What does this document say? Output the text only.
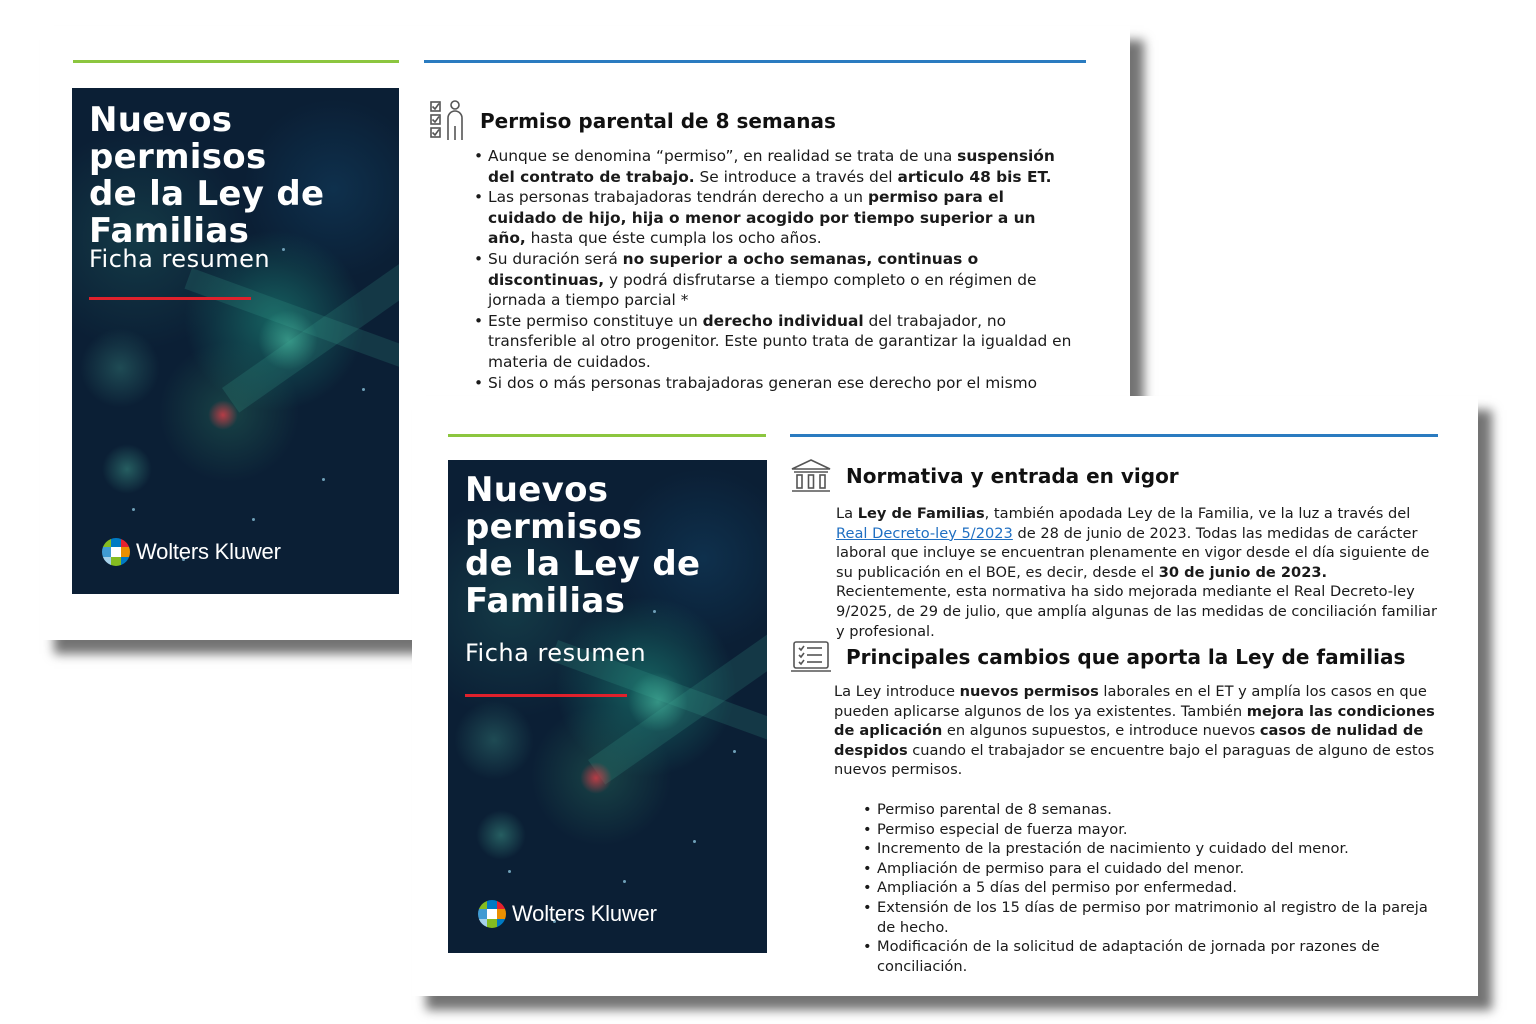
Nuevos permisos
de la Ley de
Familias
Ficha resumen
Wolters Kluwer
Permiso parental de 8 semanas
• Aunque se denomina “permiso”, en realidad se trata de una suspensión del contrato de trabajo. Se introduce a través del articulo 48 bis ET.
• Las personas trabajadoras tendrán derecho a un permiso para el cuidado de hijo, hija o menor acogido por tiempo superior a un año, hasta que éste cumpla los ocho años.
• Su duración será no superior a ocho semanas, continuas o discontinuas, y podrá disfrutarse a tiempo completo o en régimen de jornada a tiempo parcial *
• Este permiso constituye un derecho individual del trabajador, no transferible al otro progenitor. Este punto trata de garantizar la igualdad en materia de cuidados.
• Si dos o más personas trabajadoras generan ese derecho por el mismo
Nuevos permisos
de la Ley de
Familias
Ficha resumen
Wolters Kluwer
Normativa y entrada en vigor

La Ley de Familias, también apodada Ley de la Familia, ve la luz a través del Real Decreto-ley 5/2023 de 28 de junio de 2023. Todas las medidas de carácter laboral que incluye se encuentran plenamente en vigor desde el día siguiente de su publicación en el BOE, es decir, desde el 30 de junio de 2023. Recientemente, esta normativa ha sido mejorada mediante el Real Decreto-ley 9/2025, de 29 de julio, que amplía algunas de las medidas de conciliación familiar y profesional.

Principales cambios que aporta la Ley de familias

La Ley introduce nuevos permisos laborales en el ET y amplía los casos en que pueden aplicarse algunos de los ya existentes. También mejora las condiciones de aplicación en algunos supuestos, e introduce nuevos casos de nulidad de despidos cuando el trabajador se encuentre bajo el paraguas de alguno de estos nuevos permisos.

• Permiso parental de 8 semanas.
• Permiso especial de fuerza mayor.
• Incremento de la prestación de nacimiento y cuidado del menor.
• Ampliación de permiso para el cuidado del menor.
• Ampliación a 5 días del permiso por enfermedad.
• Extensión de los 15 días de permiso por matrimonio al registro de la pareja de hecho.
• Modificación de la solicitud de adaptación de jornada por razones de conciliación.
